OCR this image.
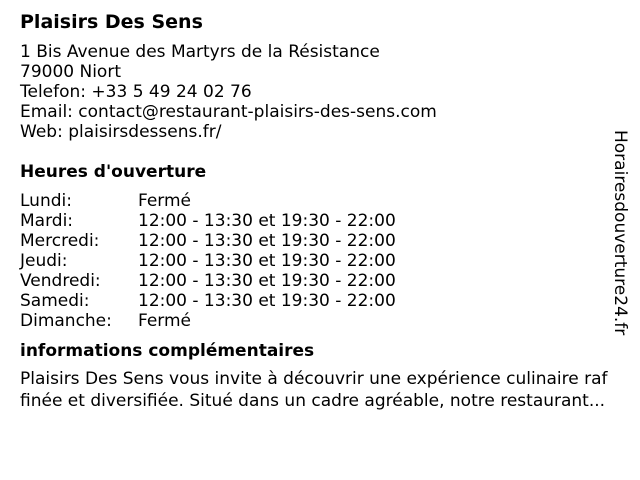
Plaisirs Des Sens
1 Bis Avenue des Martyrs de la Résistance
79000 Niort
Telefon: +33 5 49 24 02 76
Email: contact@restaurant-plaisirs-des-sens.com
Web: plaisirsdessens.fr/
Heures d'ouverture
Lundi:	Fermé
Mardi:	12:00 - 13:30 et 19:30 - 22:00
Mercredi:	12:00 - 13:30 et 19:30 - 22:00
Jeudi:	12:00 - 13:30 et 19:30 - 22:00
Vendredi:	12:00 - 13:30 et 19:30 - 22:00
Samedi:	12:00 - 13:30 et 19:30 - 22:00
Dimanche:	Fermé
informations complémentaires
Plaisirs Des Sens vous invite à découvrir une expérience culinaire raf
finée et diversifiée. Situé dans un cadre agréable, notre restaurant...
Horairesdouverture24.fr
